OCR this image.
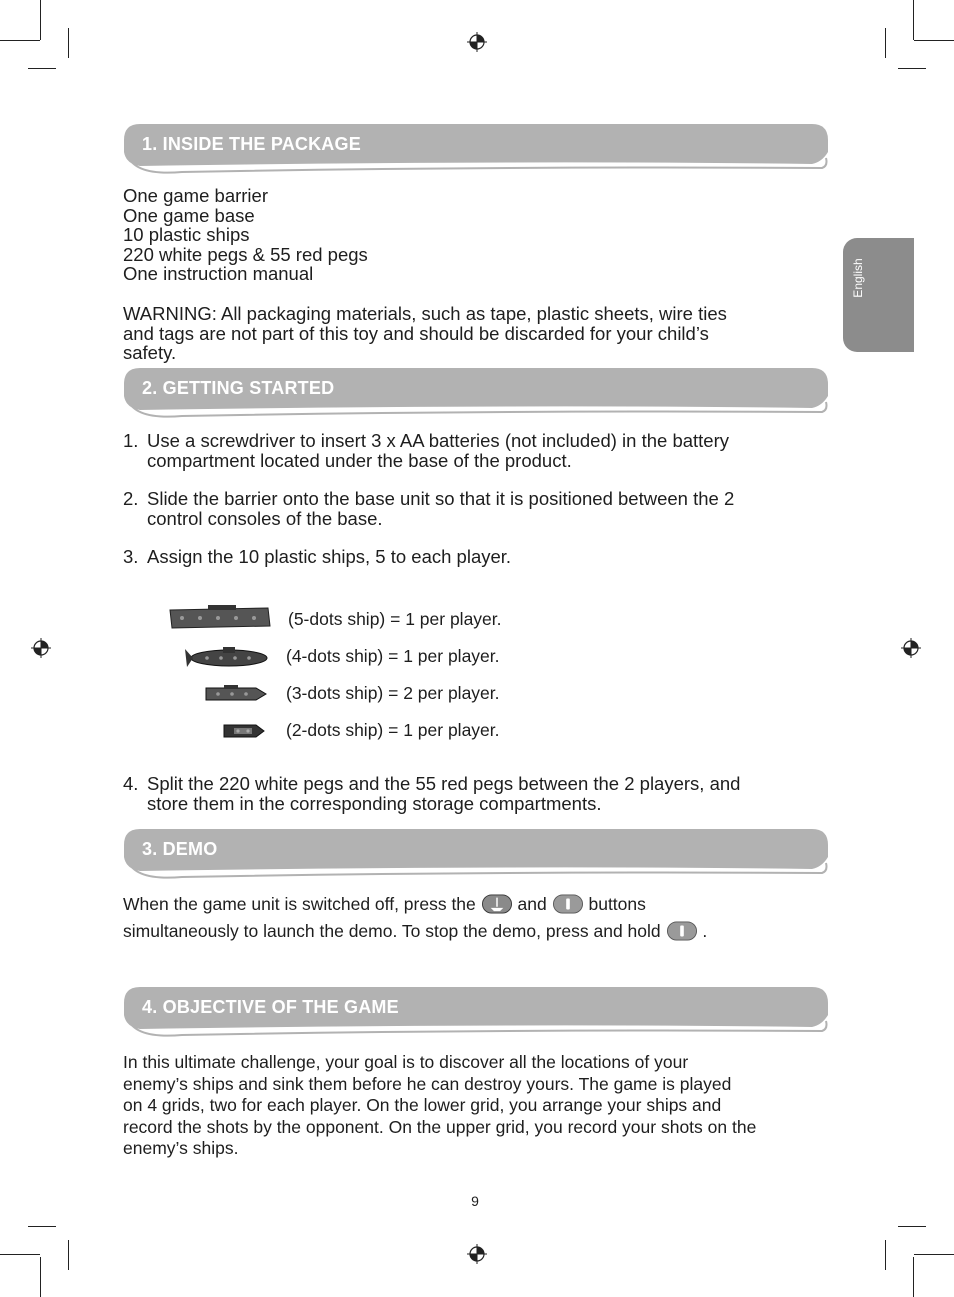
English
1. INSIDE THE PACKAGE
One game barrier
One game base
10 plastic ships
220 white pegs & 55 red pegs
One instruction manual
WARNING: All packaging materials, such as tape, plastic sheets, wire ties
and tags are not part of this toy and should be discarded for your child’s
safety.
2. GETTING STARTED
1. Use a screwdriver to insert 3 x AA batteries (not included) in the battery
compartment located under the base of the product.
2. Slide the barrier onto the base unit so that it is positioned between the 2
control consoles of the base.
3. Assign the 10 plastic ships, 5 to each player.
(5-dots ship) = 1 per player.
(4-dots ship) = 1 per player.
(3-dots ship) = 2 per player.
(2-dots ship) = 1 per player.
4. Split the 220 white pegs and the 55 red pegs between the 2 players, and
store them in the corresponding storage compartments.
3. DEMO
When the game unit is switched off, press the and buttons
simultaneously to launch the demo. To stop the demo, press and hold .
4. OBJECTIVE OF THE GAME
In this ultimate challenge, your goal is to discover all the locations of your
enemy’s ships and sink them before he can destroy yours. The game is played
on 4 grids, two for each player. On the lower grid, you arrange your ships and
record the shots by the opponent. On the upper grid, you record your shots on the
enemy’s ships.
9
